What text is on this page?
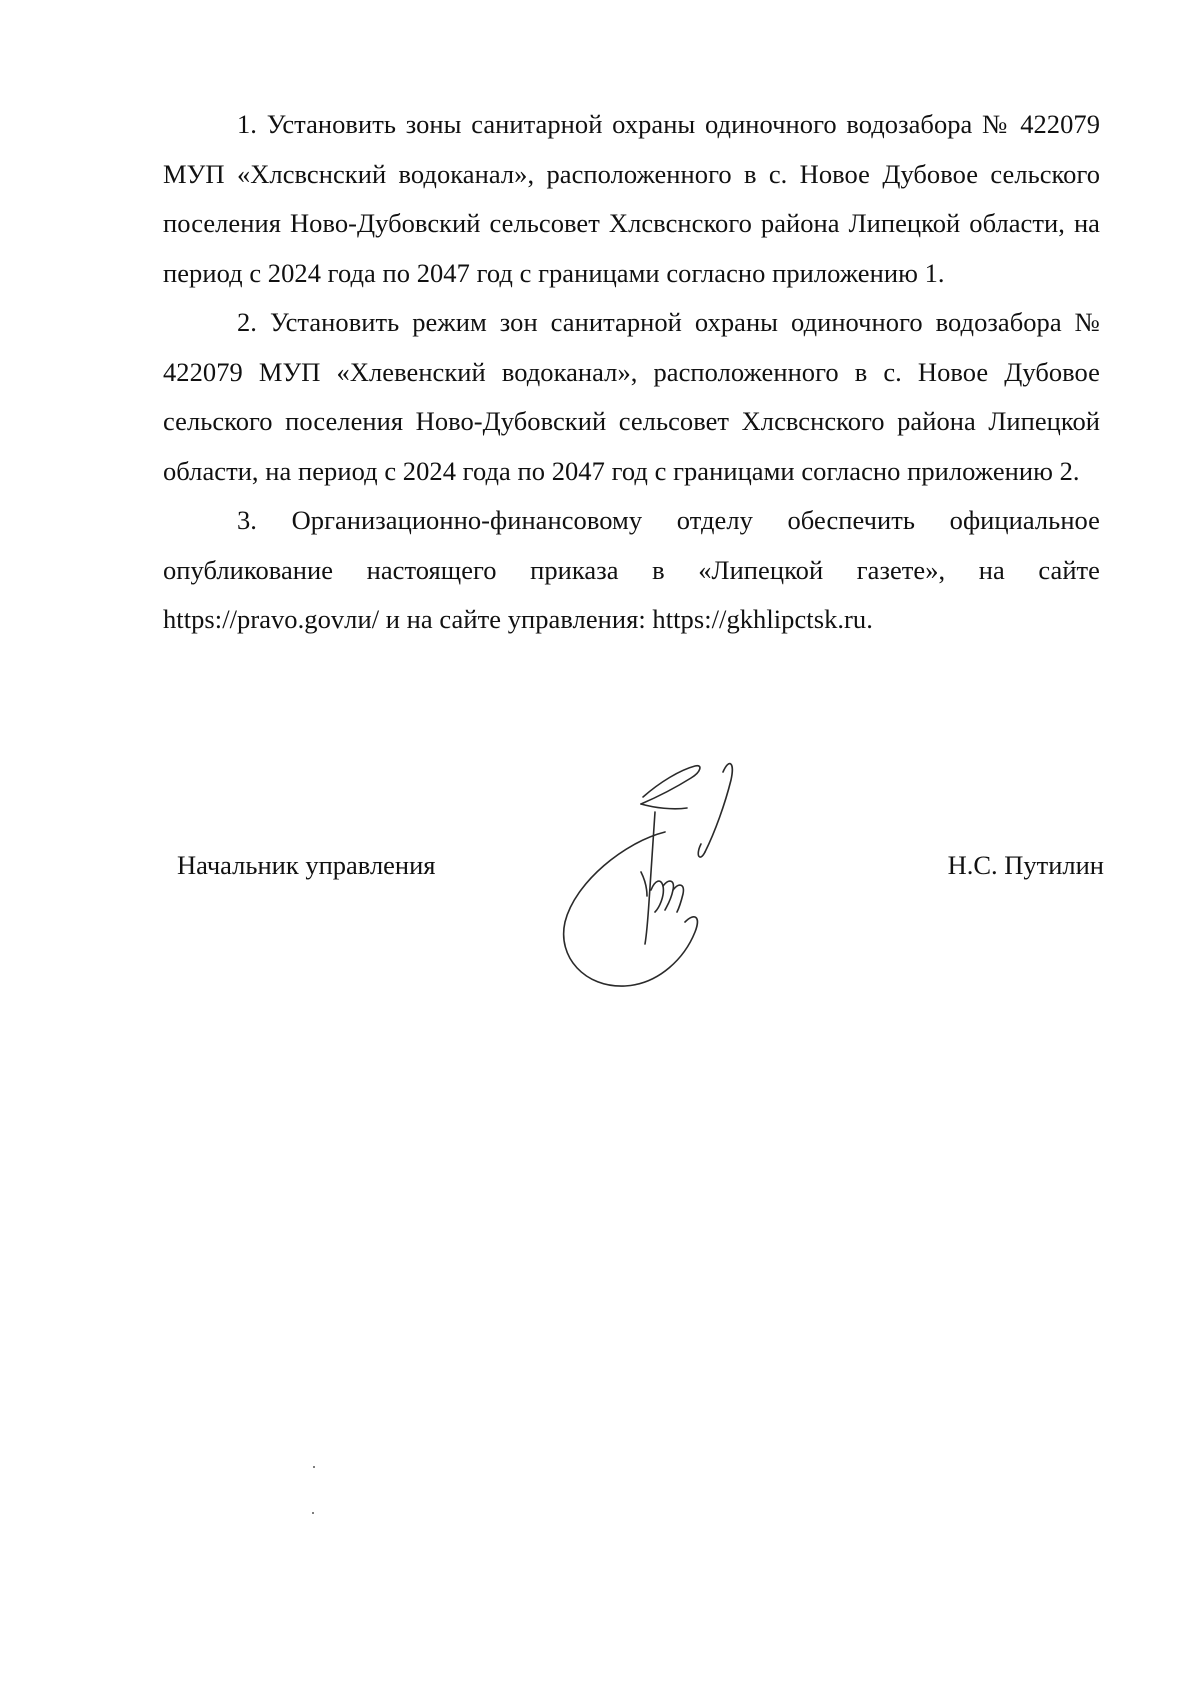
1. Установить зоны санитарной охраны одиночного водозабора № 422079 МУП «Хлсвснский водоканал», расположенного в с. Новое Дубовое сельского поселения Ново-Дубовский сельсовет Хлсвснского района Липецкой области, на период с 2024 года по 2047 год с границами согласно приложению 1.

2. Установить режим зон санитарной охраны одиночного водозабора № 422079 МУП «Хлевенский водоканал», расположенного в с. Новое Дубовое сельского поселения Ново-Дубовский сельсовет Хлсвснского района Липецкой области, на период с 2024 года по 2047 год с границами согласно приложению 2.

3. Организационно-финансовому отделу обеспечить официальное опубликование настоящего приказа в «Липецкой газете», на сайте https://pravo.govли/ и на сайте управления: https://gkhlipctsk.ru.

Начальник управления	Н.С. Путилин
